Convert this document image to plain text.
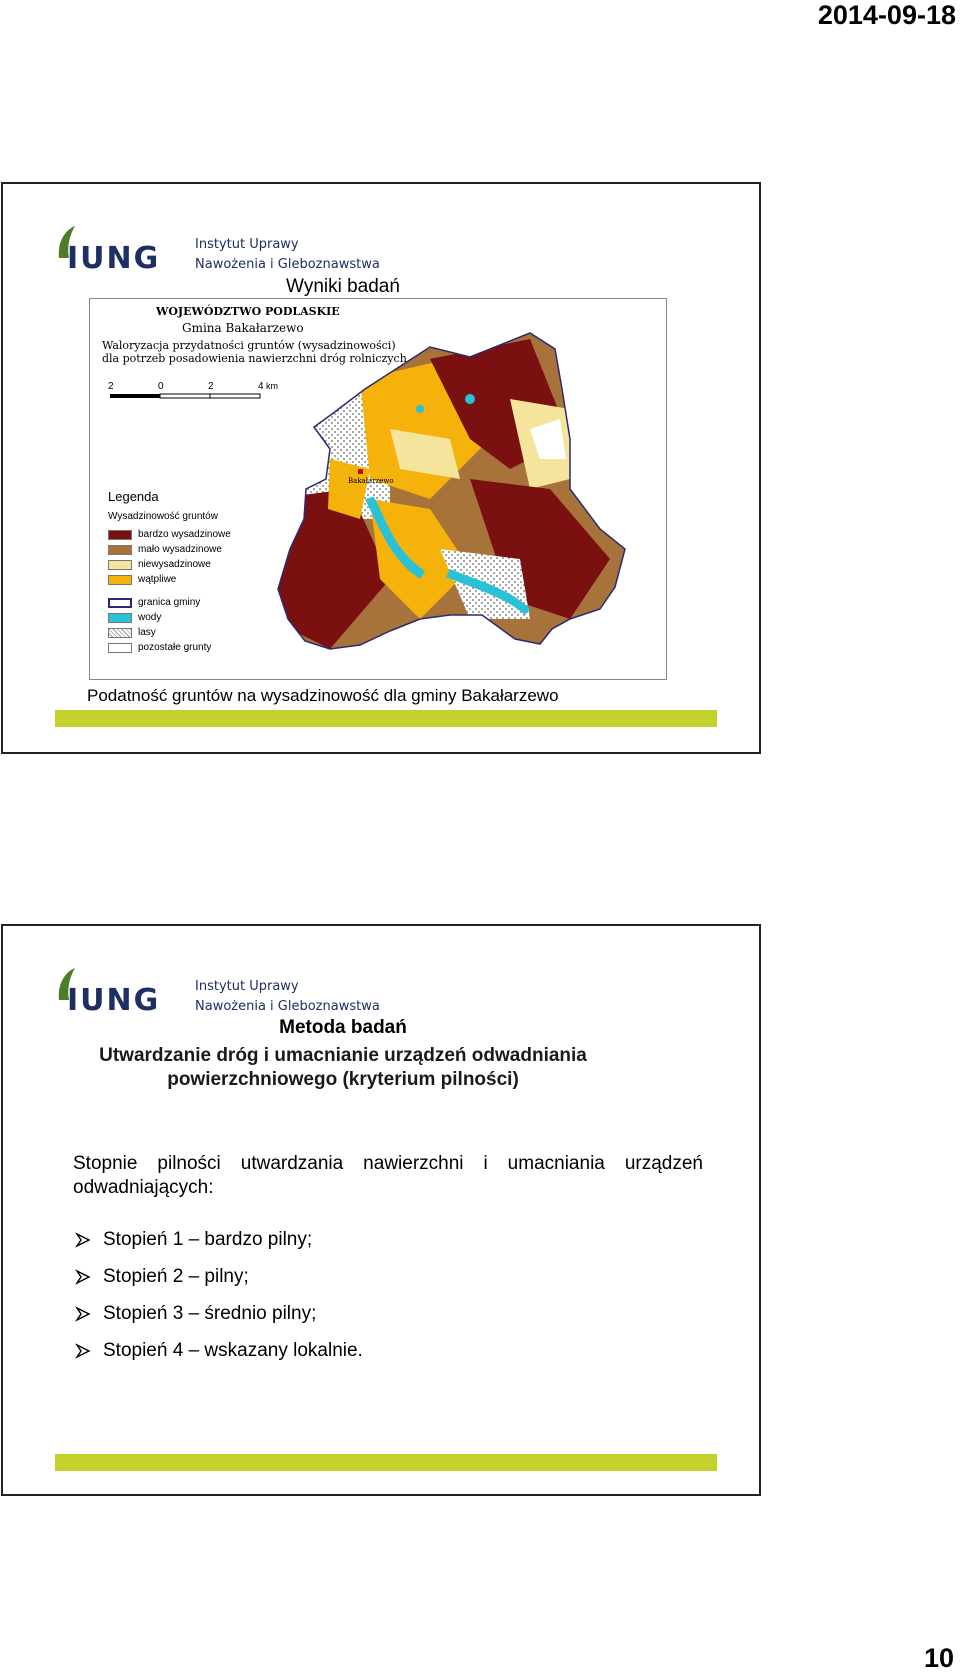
2014-09-18
IUNG	Instytut Uprawy
Nawożenia i Gleboznawstwa
Wyniki badań
WOJEWÓDZTWO PODLASKIE
Gmina Bakałarzewo
Waloryzacja przydatności gruntów (wysadzinowości)
dla potrzeb posadowienia nawierzchni dróg rolniczych
2	0	2	4 km
Bakałarzewo
Legenda
Wysadzinowość gruntów
bardzo wysadzinowe
mało wysadzinowe
niewysadzinowe
wątpliwe
granica gminy
wody
lasy
pozostałe grunty
Podatność gruntów na wysadzinowość dla gminy Bakałarzewo
IUNG	Instytut Uprawy
Nawożenia i Gleboznawstwa
Metoda badań
Utwardzanie dróg i umacnianie urządzeń odwadniania
powierzchniowego (kryterium pilności)
Stopnie pilności utwardzania nawierzchni i umacniania urządzeń odwadniających:
Stopień 1 – bardzo pilny;
Stopień 2 – pilny;
Stopień 3 – średnio pilny;
Stopień 4 – wskazany lokalnie.
10
